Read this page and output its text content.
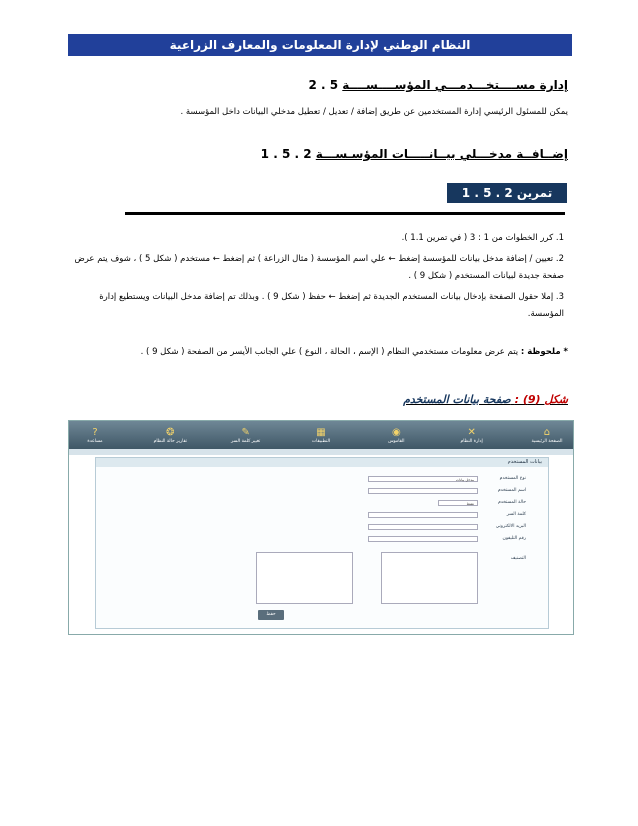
النظام الوطني لإدارة المعلومات والمعارف الزراعية
إدارة مســــتخـــدمـــي المؤســــســــة 5 . 2
يمكن للمسئول الرئيسي إدارة المستخدمين عن طريق إضافة / تعديل / تعطيل مدخلي البيانات داخل المؤسسة .
إضــافــة مدخـــلي بيــانـــــات المؤسـســـة 2 . 5 . 1
تمرين 2 . 5 . 1

1. كرر الخطوات من 1 : 3 ( في تمرين 1.1 ).

2. تعيين / إضافة مدخل بيانات للمؤسسة إضغط ← علي اسم المؤسسة ( مثال الزراعة ) ثم إضغط ← مستخدم ( شكل 5 ) ، شوف يتم عرض صفحة جديدة لبيانات المستخدم ( شكل 9 ) .

3. إملا حقول الصفحة بإدخال بيانات المستخدم الجديدة ثم إضغط ← حفظ ( شكل 9 ) . وبذلك تم إضافة مدخل البيانات ويستطيع إدارة المؤسسة.

* ملحوظة : يتم عرض معلومات مستخدمي النظام ( الإسم ، الحالة ، النوع ) علي الجانب الأيسر من الصفحة ( شكل 9 ) .
شكل (9) : صفحة بيانات المستخدم
⌂
الصفحة الرئيسية
✕
إدارة النظام
◉
القاموس
▦
التطبيقات
✎
تغيير كلمة السر
❂
تقارير حالة النظام
?
مساعدة
بيانات المستخدم
نوع المستخدم
مدخل بيانات
اسم المستخدم
حالة المستخدم
نشط
كلمة السر
البريد الالكتروني
رقم التليفون
التصنيف
حفظ
